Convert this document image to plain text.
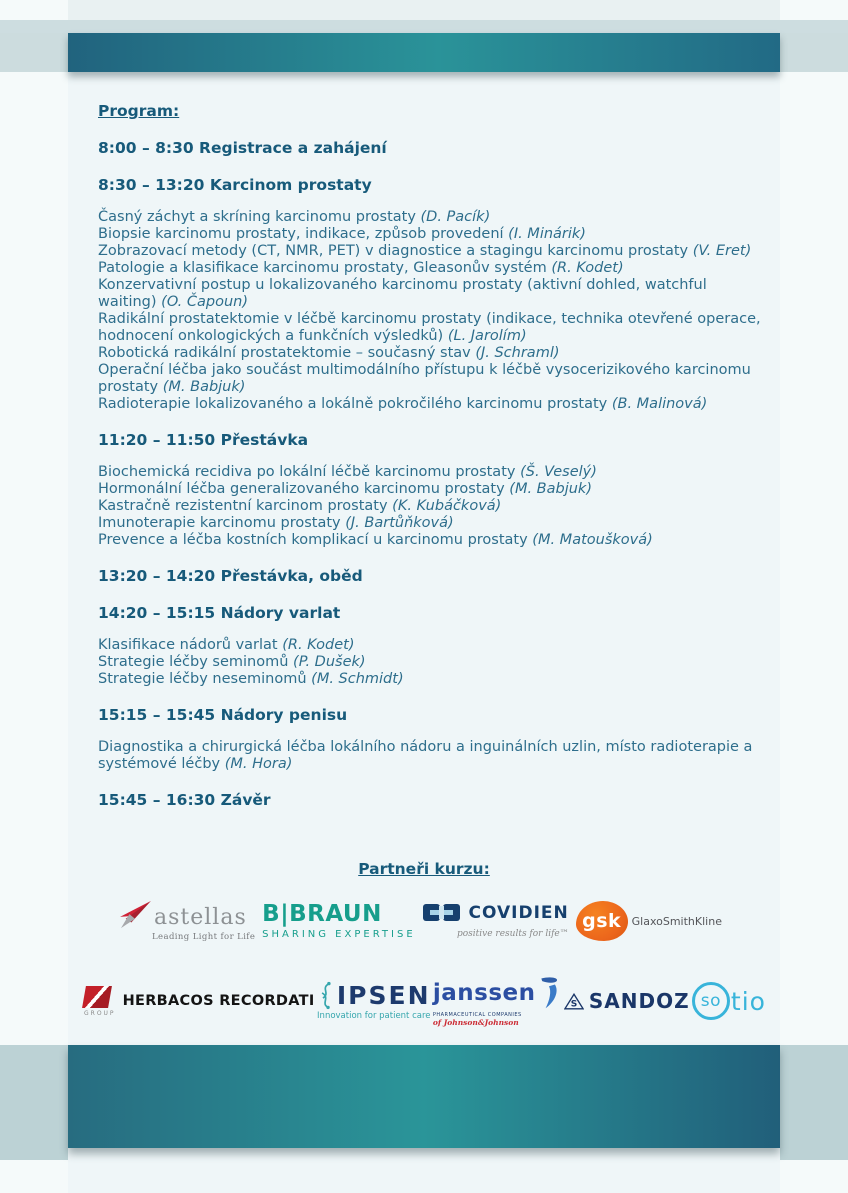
Program:
8:00 – 8:30 Registrace a zahájení
8:30 – 13:20 Karcinom prostaty

Časný záchyt a skríning karcinomu prostaty (D. Pacík)

Biopsie karcinomu prostaty, indikace, způsob provedení (I. Minárik)

Zobrazovací metody (CT, NMR, PET) v diagnostice a stagingu karcinomu prostaty (V. Eret)

Patologie a klasifikace karcinomu prostaty, Gleasonův systém (R. Kodet)

Konzervativní postup u lokalizovaného karcinomu prostaty (aktivní dohled, watchful waiting) (O. Čapoun)

Radikální prostatektomie v léčbě karcinomu prostaty (indikace, technika otevřené operace, hodnocení onkologických a funkčních výsledků) (L. Jarolím)

Robotická radikální prostatektomie – současný stav (J. Schraml)

Operační léčba jako součást multimodálního přístupu k léčbě vysocerizikového karcinomu prostaty (M. Babjuk)

Radioterapie lokalizovaného a lokálně pokročilého karcinomu prostaty (B. Malinová)

11:20 – 11:50 Přestávka

Biochemická recidiva po lokální léčbě karcinomu prostaty (Š. Veselý)

Hormonální léčba generalizovaného karcinomu prostaty (M. Babjuk)

Kastračně rezistentní karcinom prostaty (K. Kubáčková)

Imunoterapie karcinomu prostaty (J. Bartůňková)

Prevence a léčba kostních komplikací u karcinomu prostaty (M. Matoušková)

13:20 – 14:20 Přestávka, oběd
14:20 – 15:15 Nádory varlat

Klasifikace nádorů varlat (R. Kodet)

Strategie léčby seminomů (P. Dušek)

Strategie léčby neseminomů (M. Schmidt)

15:15 – 15:45 Nádory penisu

Diagnostika a chirurgická léčba lokálního nádoru a inguinálních uzlin, místo radioterapie a systémové léčby (M. Hora)

15:45 – 16:30 Závěr
Partneři kurzu:
astellas
Leading Light for Life
B|BRAUN
SHARING EXPERTISE
COVIDIEN
positive results for life™
gsk GlaxoSmithKline
GROUP
HERBACOS RECORDATI IPSEN
Innovation for patient care
janssen
PHARMACEUTICAL COMPANIES
of Johnson&Johnson
S SANDOZ so tio
